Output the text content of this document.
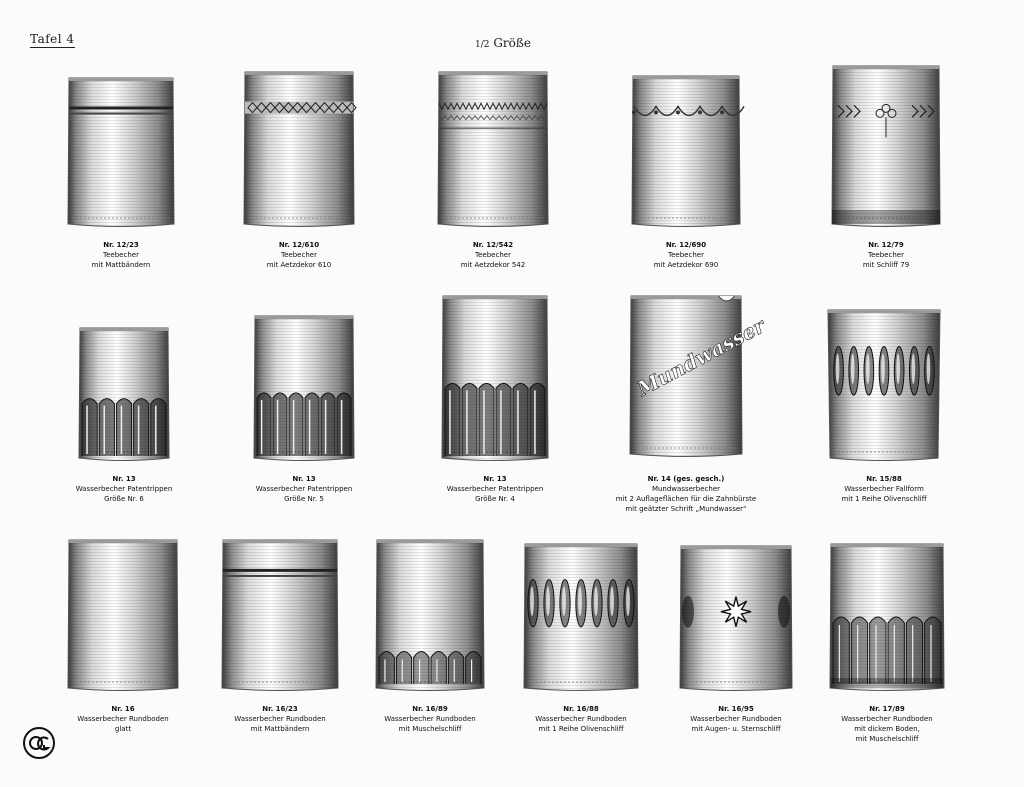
Tafel 4	1/2 Größe
Nr. 12/23
Teebecher
mit Mattbändern
Nr. 12/610
Teebecher
mit Aetzdekor 610
Nr. 12/542
Teebecher
mit Aetzdekor 542
Nr. 12/690
Teebecher
mit Aetzdekor 690
Nr. 12/79
Teebecher
mit Schliff 79
Nr. 13
Wasserbecher Patentrippen
Größe Nr. 6
Nr. 13
Wasserbecher Patentrippen
Größe Nr. 5
Nr. 13
Wasserbecher Patentrippen
Größe Nr. 4
Mundwasser
Nr. 14 (ges. gesch.)
Mundwasserbecher
mit 2 Auflageflächen für die Zahnbürste
mit geätzter Schrift „Mundwasser“
Nr. 15/88
Wasserbecher Fallform
mit 1 Reihe Olivenschliff
Nr. 16
Wasserbecher Rundboden
glatt
Nr. 16/23
Wasserbecher Rundboden
mit Mattbändern
Nr. 16/89
Wasserbecher Rundboden
mit Muschelschliff
Nr. 16/88
Wasserbecher Rundboden
mit 1 Reihe Olivenschliff
Nr. 16/95
Wasserbecher Rundboden
mit Augen- u. Sternschliff
Nr. 17/89
Wasserbecher Rundboden
mit dickem Boden,
mit Muschelschliff
